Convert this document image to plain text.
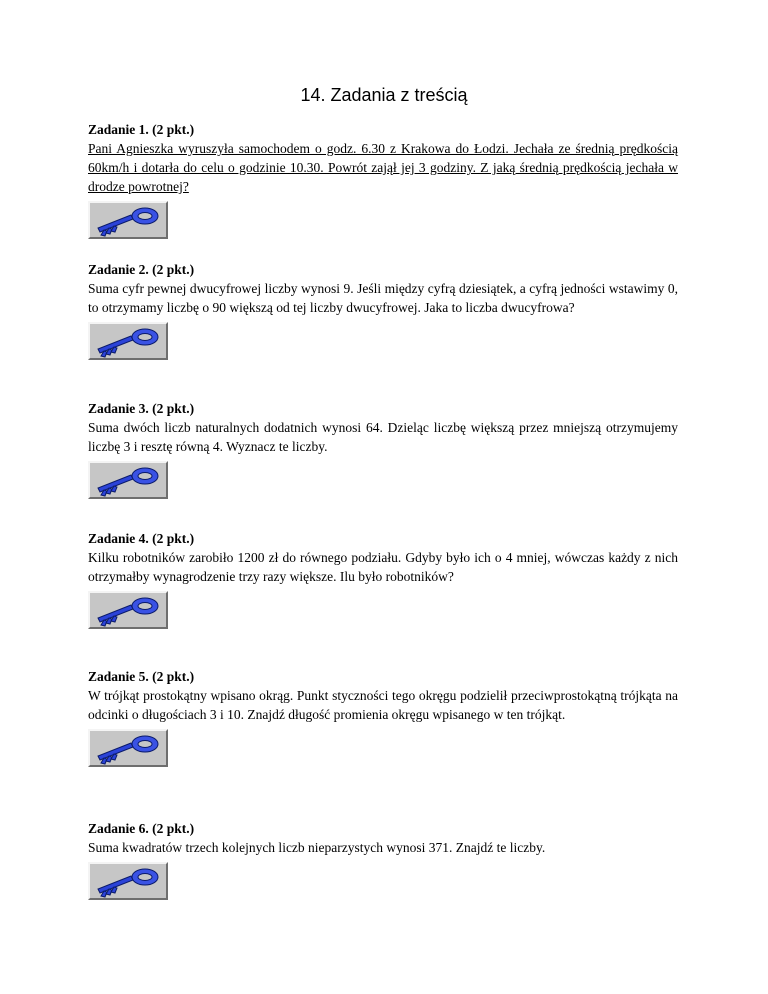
14. Zadania z treścią
Zadanie 1. (2 pkt.)
Pani Agnieszka wyruszyła samochodem o godz. 6.30 z Krakowa do Łodzi. Jechała ze średnią prędkością 60km/h i dotarła do celu o godzinie 10.30. Powrót zajął jej 3 godziny. Z jaką średnią prędkością jechała w drodze powrotnej?
Zadanie 2. (2 pkt.)
Suma cyfr pewnej dwucyfrowej liczby wynosi 9. Jeśli między cyfrą dziesiątek, a cyfrą jedności wstawimy 0, to otrzymamy liczbę o 90 większą od tej liczby dwucyfrowej. Jaka to liczba dwucyfrowa?
Zadanie 3. (2 pkt.)
Suma dwóch liczb naturalnych dodatnich wynosi 64. Dzieląc liczbę większą przez mniejszą otrzymujemy liczbę 3 i resztę równą 4. Wyznacz te liczby.
Zadanie 4. (2 pkt.)
Kilku robotników zarobiło 1200 zł do równego podziału. Gdyby było ich o 4 mniej, wówczas każdy z nich otrzymałby wynagrodzenie trzy razy większe. Ilu było robotników?
Zadanie 5. (2 pkt.)
W trójkąt prostokątny wpisano okrąg. Punkt styczności tego okręgu podzielił przeciwprostokątną trójkąta na odcinki o długościach 3 i 10. Znajdź długość promienia okręgu wpisanego w ten trójkąt.
Zadanie 6. (2 pkt.)
Suma kwadratów trzech kolejnych liczb nieparzystych wynosi 371. Znajdź te liczby.
